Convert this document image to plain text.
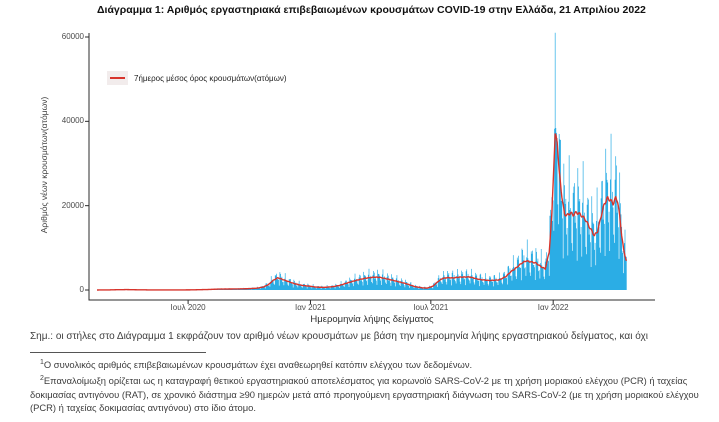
Διάγραμμα 1: Αριθμός εργαστηριακά επιβεβαιωμένων κρουσμάτων COVID-19 στην Ελλάδα, 21 Απριλίου 2022
7ήμερος μέσος όρος κρουσμάτων(ατόμων)
Αριθμός νέων κρουσμάτων(ατόμων)
0
20000
40000
60000
Ιουλ 2020	Ιαν 2021	Ιουλ 2021	Ιαν 2022
Ημερομηνία λήψης δείγματος
Σημ.: οι στήλες στο Διάγραμμα 1 εκφράζουν τον αριθμό νέων κρουσμάτων με βάση την ημερομηνία λήψης εργαστηριακού δείγματος, και όχι

$^1$Ο συνολικός αριθμός επιβεβαιωμένων κρουσμάτων έχει αναθεωρηθεί κατόπιν ελέγχου των δεδομένων.

$^2$Επαναλοίμωξη ορίζεται ως η καταγραφή θετικού εργαστηριακού αποτελέσματος για κορωνοϊό SARS-CoV-2 με τη χρήση μοριακού ελέγχου (PCR) ή ταχείας δοκιμασίας αντιγόνου (RAT), σε χρονικό διάστημα ≥90 ημερών μετά από προηγούμενη εργαστηριακή διάγνωση του SARS-CoV-2 (με τη χρήση μοριακού ελέγχου (PCR) ή ταχείας δοκιμασίας αντιγόνου) στο ίδιο άτομο.
